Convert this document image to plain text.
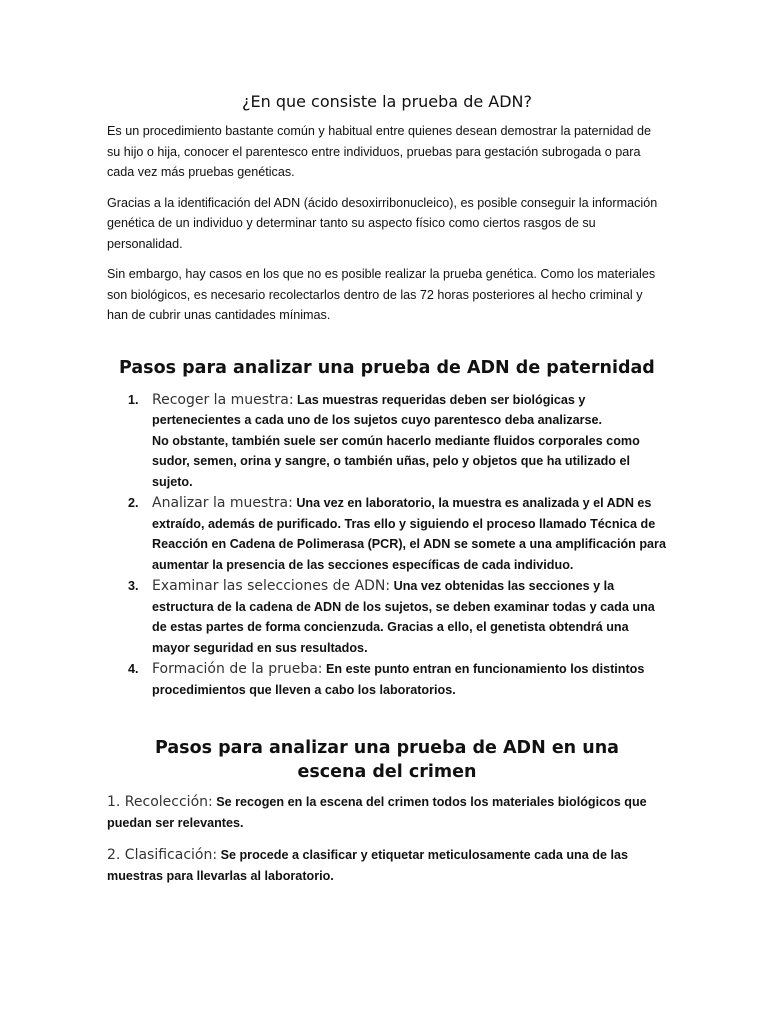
¿En que consiste la prueba de ADN?

Es un procedimiento bastante común y habitual entre quienes desean demostrar la paternidad de su hijo o hija, conocer el parentesco entre individuos, pruebas para gestación subrogada o para cada vez más pruebas genéticas.

Gracias a la identificación del ADN (ácido desoxirribonucleico), es posible conseguir la información genética de un individuo y determinar tanto su aspecto físico como ciertos rasgos de su personalidad.

Sin embargo, hay casos en los que no es posible realizar la prueba genética. Como los materiales son biológicos, es necesario recolectarlos dentro de las 72 horas posteriores al hecho criminal y han de cubrir unas cantidades mínimas.

Pasos para analizar una prueba de ADN de paternidad
1. Recoger la muestra: Las muestras requeridas deben ser biológicas y pertenecientes a cada uno de los sujetos cuyo parentesco deba analizarse.
No obstante, también suele ser común hacerlo mediante fluidos corporales como sudor, semen, orina y sangre, o también uñas, pelo y objetos que ha utilizado el sujeto.
2. Analizar la muestra: Una vez en laboratorio, la muestra es analizada y el ADN es extraído, además de purificado. Tras ello y siguiendo el proceso llamado Técnica de Reacción en Cadena de Polimerasa (PCR), el ADN se somete a una amplificación para aumentar la presencia de las secciones específicas de cada individuo.
3. Examinar las selecciones de ADN: Una vez obtenidas las secciones y la estructura de la cadena de ADN de los sujetos, se deben examinar todas y cada una de estas partes de forma concienzuda. Gracias a ello, el genetista obtendrá una mayor seguridad en sus resultados.
4. Formación de la prueba: En este punto entran en funcionamiento los distintos procedimientos que lleven a cabo los laboratorios.
Pasos para analizar una prueba de ADN en una
escena del crimen
1. Recolección: Se recogen en la escena del crimen todos los materiales biológicos que puedan ser relevantes.
2. Clasificación: Se procede a clasificar y etiquetar meticulosamente cada una de las muestras para llevarlas al laboratorio.
